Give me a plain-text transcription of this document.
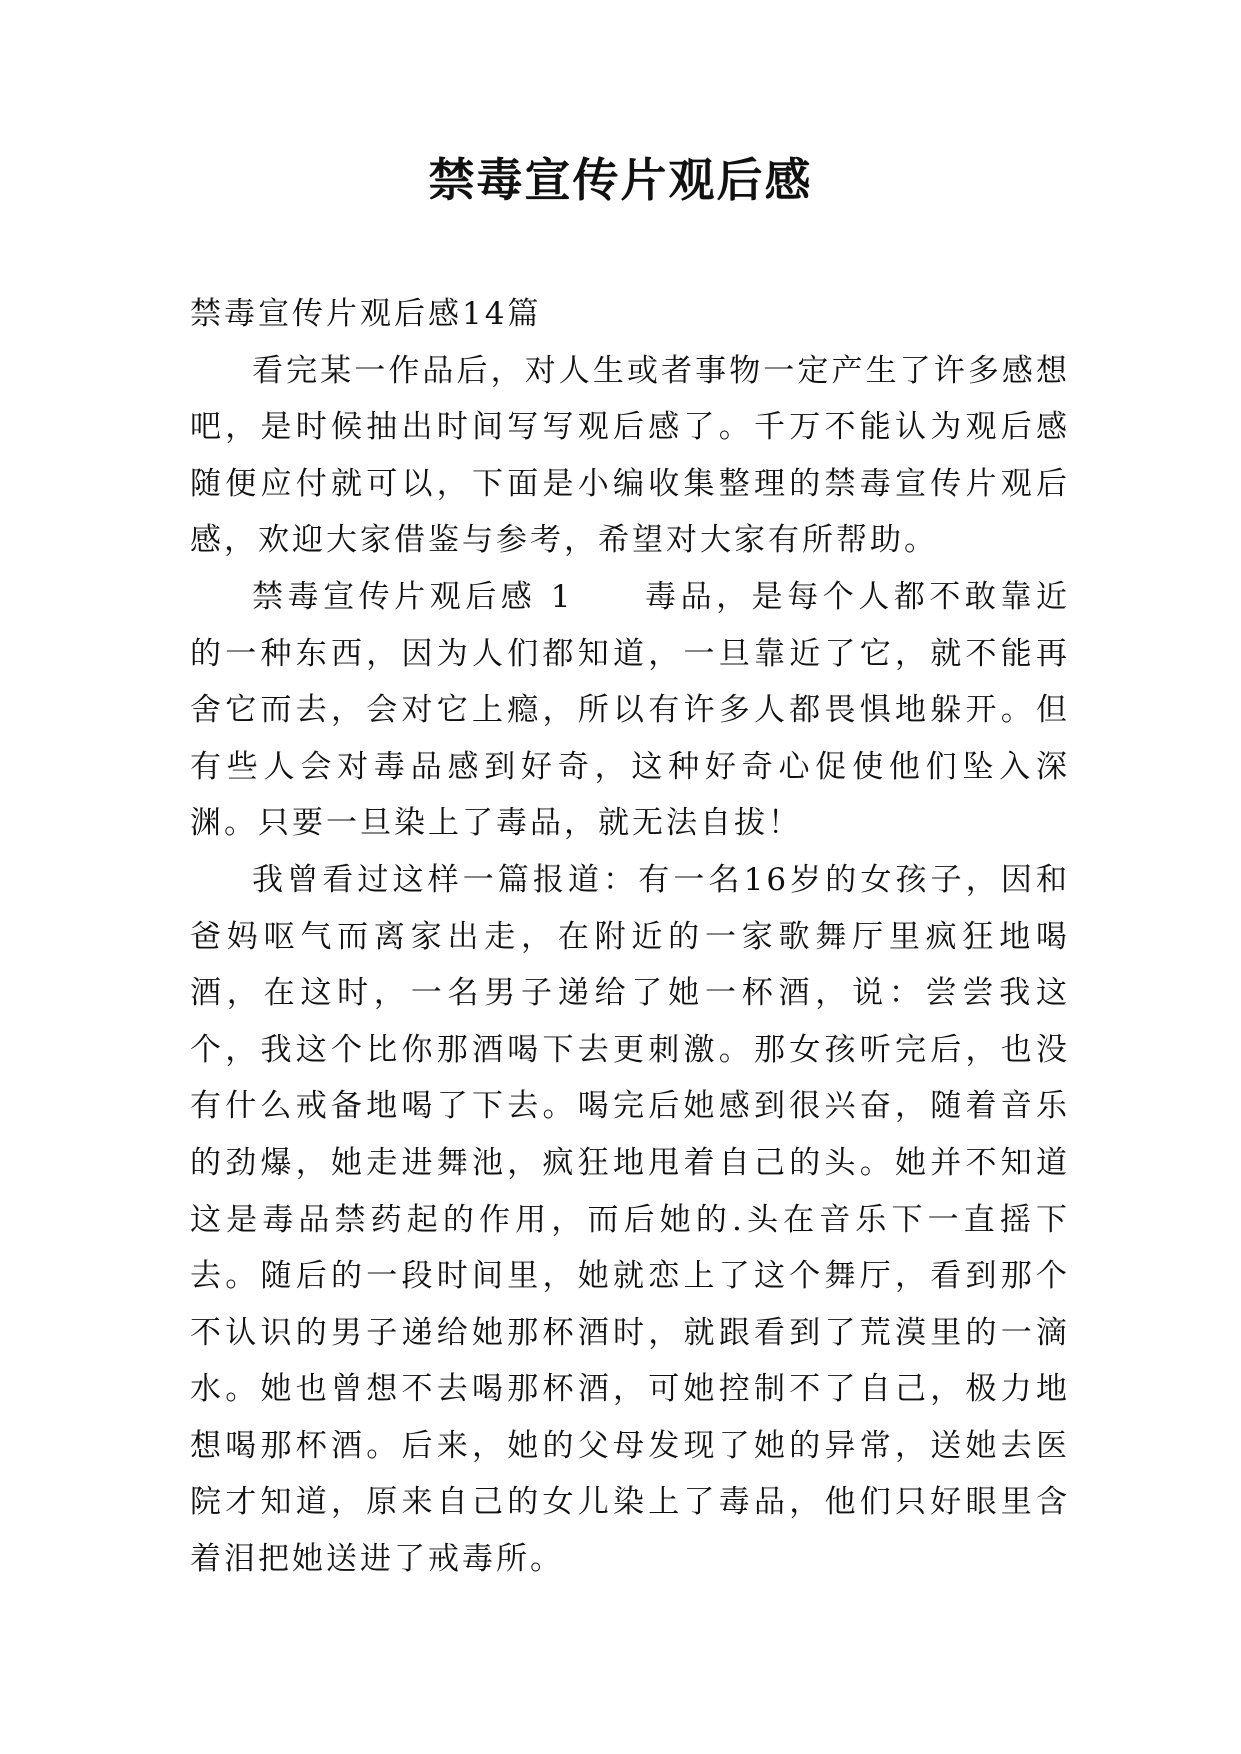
禁毒宣传片观后感

禁毒宣传片观后感14篇

看完某一作品后，对人生或者事物一定产生了许多感想吧，是时候抽出时间写写观后感了。千万不能认为观后感随便应付就可以，下面是小编收集整理的禁毒宣传片观后感，欢迎大家借鉴与参考，希望对大家有所帮助。

禁毒宣传片观后感 1 毒品，是每个人都不敢靠近的一种东西，因为人们都知道，一旦靠近了它，就不能再舍它而去，会对它上瘾，所以有许多人都畏惧地躲开。但有些人会对毒品感到好奇，这种好奇心促使他们坠入深渊。只要一旦染上了毒品，就无法自拔！

我曾看过这样一篇报道：有一名16岁的女孩子，因和爸妈呕气而离家出走，在附近的一家歌舞厅里疯狂地喝酒，在这时，一名男子递给了她一杯酒，说：尝尝我这个，我这个比你那酒喝下去更刺激。那女孩听完后，也没有什么戒备地喝了下去。喝完后她感到很兴奋，随着音乐的劲爆，她走进舞池，疯狂地甩着自己的头。她并不知道这是毒品禁药起的作用，而后她的.头在音乐下一直摇下去。随后的一段时间里，她就恋上了这个舞厅，看到那个不认识的男子递给她那杯酒时，就跟看到了荒漠里的一滴水。她也曾想不去喝那杯酒，可她控制不了自己，极力地想喝那杯酒。后来，她的父母发现了她的异常，送她去医院才知道，原来自己的女儿染上了毒品，他们只好眼里含着泪把她送进了戒毒所。
